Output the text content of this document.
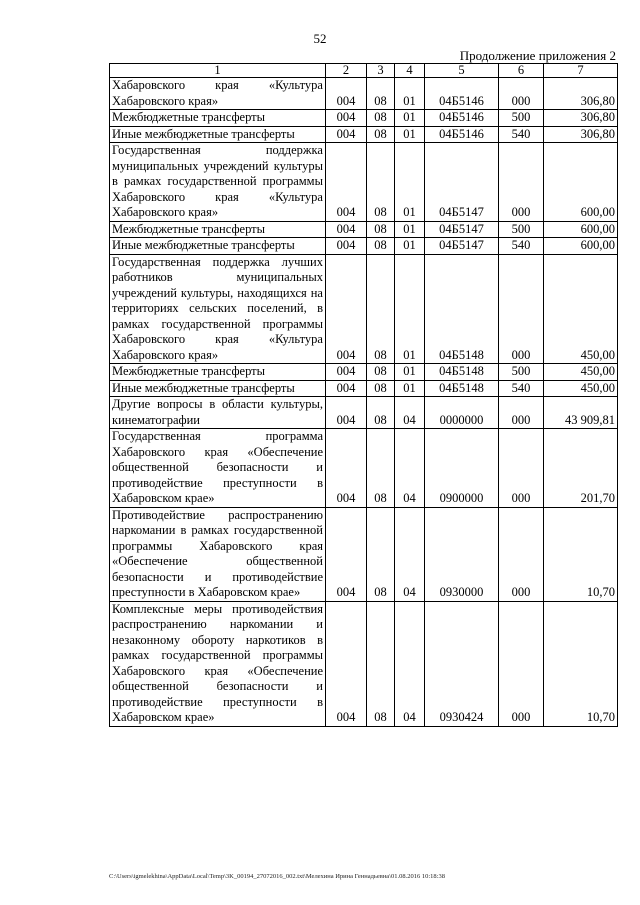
52
Продолжение приложения 2
1	2	3	4	5	6	7
Хабаровского края «Культура Хабаровского края»	004	08	01	04Б5146	000	306,80
Межбюджетные трансферты	004	08	01	04Б5146	500	306,80
Иные межбюджетные трансферты	004	08	01	04Б5146	540	306,80
Государственная поддержка муниципальных учреждений культуры в рамках государственной программы Хабаровского края «Культура Хабаровского края»	004	08	01	04Б5147	000	600,00
Межбюджетные трансферты	004	08	01	04Б5147	500	600,00
Иные межбюджетные трансферты	004	08	01	04Б5147	540	600,00
Государственная поддержка лучших работников муниципальных учреждений культуры, находящихся на территориях сельских поселений, в рамках государственной программы Хабаровского края «Культура Хабаровского края»	004	08	01	04Б5148	000	450,00
Межбюджетные трансферты	004	08	01	04Б5148	500	450,00
Иные межбюджетные трансферты	004	08	01	04Б5148	540	450,00
Другие вопросы в области культуры, кинематографии	004	08	04	0000000	000	43 909,81
Государственная программа Хабаровского края «Обеспечение общественной безопасности и противодействие преступности в Хабаровском крае»	004	08	04	0900000	000	201,70
Противодействие распространению наркомании в рамках государственной программы Хабаровского края «Обеспечение общественной безопасности и противодействие преступности в Хабаровском крае»	004	08	04	0930000	000	10,70
Комплексные меры противодействия распространению наркомании и незаконному обороту наркотиков в рамках государственной программы Хабаровского края «Обеспечение общественной безопасности и противодействие преступности в Хабаровском крае»	004	08	04	0930424	000	10,70
C:\Users\igmelekhina\AppData\Local\Temp\3K_00194_27072016_002.txt\Мелехина Ирина Геннадьевна\01.08.2016 10:18:38
